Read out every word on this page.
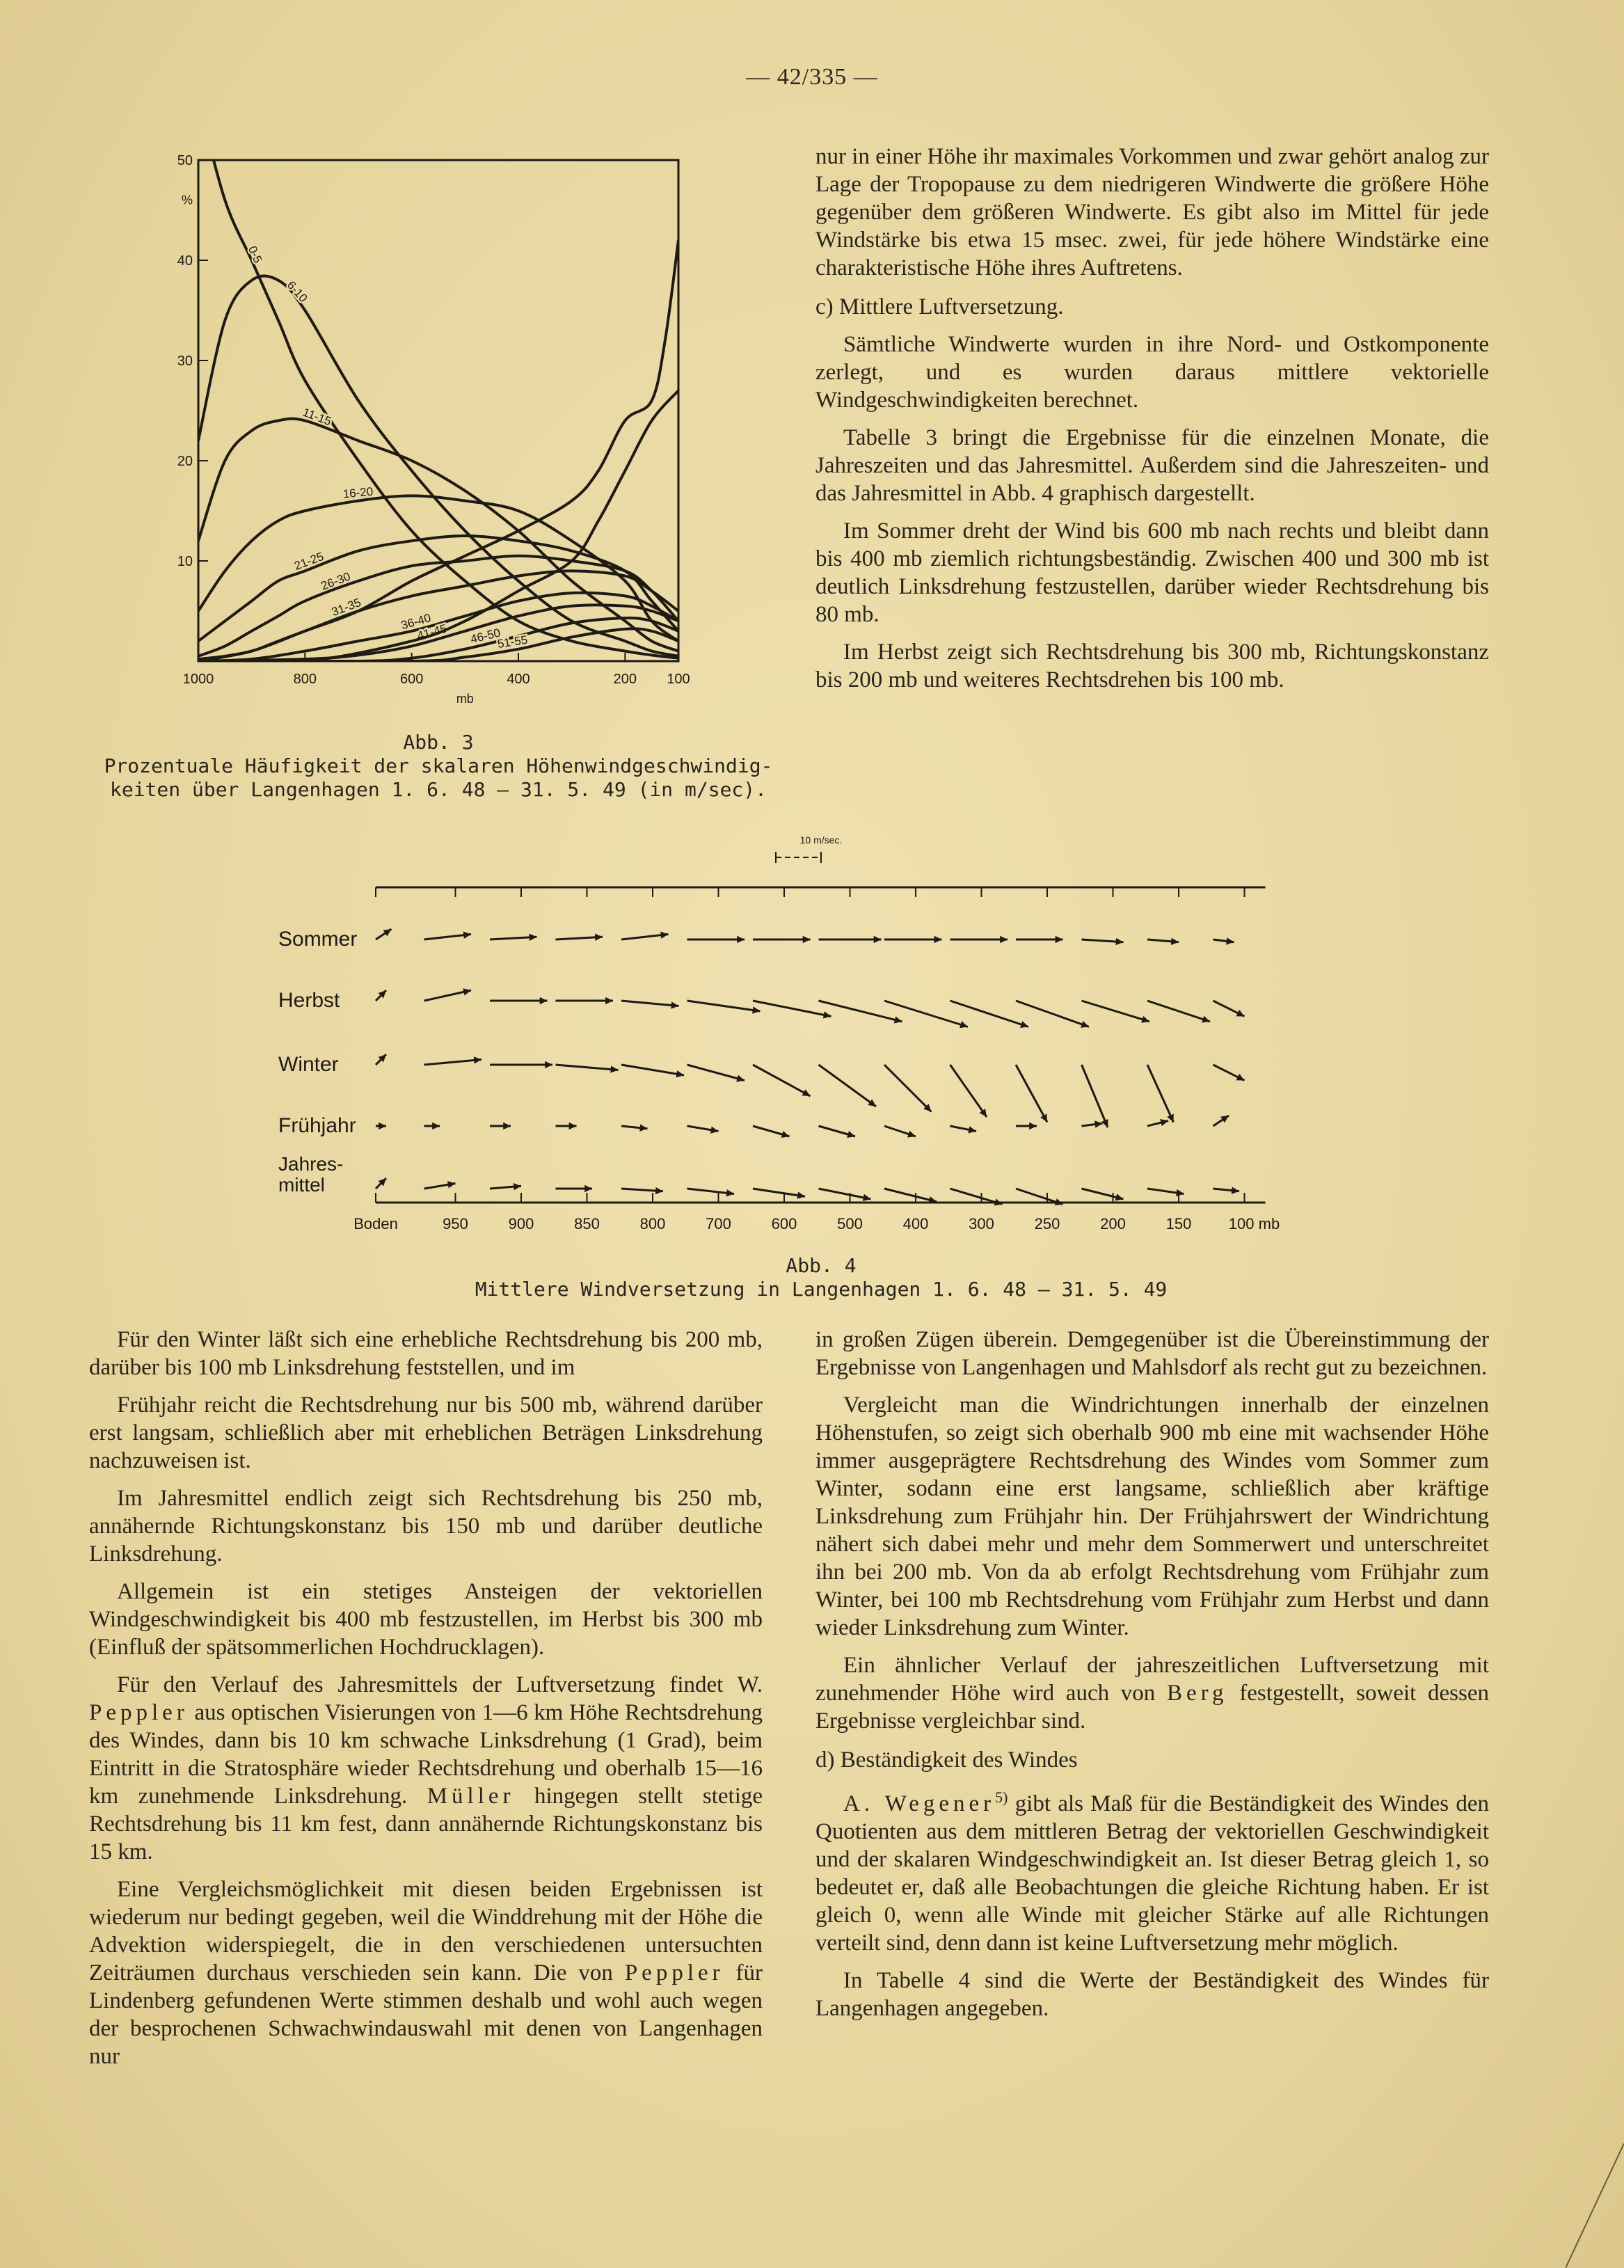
— 42/335 —
50
40
30
20
10
%
1000	800	600	400	200 100
mb
0-5
6-10
11-15
16-20
21-25
26-30
31-35
36-40
41-45 46-50
51-55
Abb. 3
Prozentuale Häufigkeit der skalaren Höhenwindgeschwindig-
keiten über Langenhagen 1. 6. 48 — 31. 5. 49 (in m/sec).

nur in einer Höhe ihr maximales Vorkommen und zwar gehört analog zur Lage der Tropopause zu dem niedrigeren Windwerte die größere Höhe gegenüber dem größeren Windwerte. Es gibt also im Mittel für jede Windstärke bis etwa 15 msec. zwei, für jede höhere Windstärke eine charakteristische Höhe ihres Auftretens.

c) Mittlere Luftversetzung.

Sämtliche Windwerte wurden in ihre Nord- und Ostkomponente zerlegt, und es wurden daraus mittlere vektorielle Windgeschwindigkeiten berechnet.

Tabelle 3 bringt die Ergebnisse für die einzelnen Monate, die Jahreszeiten und das Jahresmittel. Außerdem sind die Jahreszeiten- und das Jahresmittel in Abb. 4 graphisch dargestellt.

Im Sommer dreht der Wind bis 600 mb nach rechts und bleibt dann bis 400 mb ziemlich richtungsbeständig. Zwischen 400 und 300 mb ist deutlich Linksdrehung festzustellen, darüber wieder Rechtsdrehung bis 80 mb.

Im Herbst zeigt sich Rechtsdrehung bis 300 mb, Richtungskonstanz bis 200 mb und weiteres Rechtsdrehen bis 100 mb.

10 m/sec.
Boden	950	900	850	800	700	600	500	400	300	250	200	150 100 mb
Sommer
Herbst
Winter
Frühjahr
Jahres-
mittel
Abb. 4
Mittlere Windversetzung in Langenhagen 1. 6. 48 — 31. 5. 49

Für den Winter läßt sich eine erhebliche Rechtsdrehung bis 200 mb, darüber bis 100 mb Linksdrehung feststellen, und im

Frühjahr reicht die Rechtsdrehung nur bis 500 mb, während darüber erst langsam, schließlich aber mit erheblichen Beträgen Linksdrehung nachzuweisen ist.

Im Jahresmittel endlich zeigt sich Rechtsdrehung bis 250 mb, annähernde Richtungskonstanz bis 150 mb und darüber deutliche Linksdrehung.

Allgemein ist ein stetiges Ansteigen der vektoriellen Windgeschwindigkeit bis 400 mb festzustellen, im Herbst bis 300 mb (Einfluß der spätsommerlichen Hochdrucklagen).

Für den Verlauf des Jahresmittels der Luftversetzung findet W. Peppler aus optischen Visierungen von 1—6 km Höhe Rechtsdrehung des Windes, dann bis 10 km schwache Linksdrehung (1 Grad), beim Eintritt in die Stratosphäre wieder Rechtsdrehung und oberhalb 15—16 km zunehmende Linksdrehung. Müller hingegen stellt stetige Rechtsdrehung bis 11 km fest, dann annähernde Richtungskonstanz bis 15 km.

Eine Vergleichsmöglichkeit mit diesen beiden Ergebnissen ist wiederum nur bedingt gegeben, weil die Winddrehung mit der Höhe die Advektion widerspiegelt, die in den verschiedenen untersuchten Zeiträumen durchaus verschieden sein kann. Die von Peppler für Lindenberg gefundenen Werte stimmen deshalb und wohl auch wegen der besprochenen Schwachwindauswahl mit denen von Langenhagen nur

in großen Zügen überein. Demgegenüber ist die Übereinstimmung der Ergebnisse von Langenhagen und Mahlsdorf als recht gut zu bezeichnen.

Vergleicht man die Windrichtungen innerhalb der einzelnen Höhenstufen, so zeigt sich oberhalb 900 mb eine mit wachsender Höhe immer ausgeprägtere Rechtsdrehung des Windes vom Sommer zum Winter, sodann eine erst langsame, schließlich aber kräftige Linksdrehung zum Frühjahr hin. Der Frühjahrswert der Windrichtung nähert sich dabei mehr und mehr dem Sommerwert und unterschreitet ihn bei 200 mb. Von da ab erfolgt Rechtsdrehung vom Frühjahr zum Winter, bei 100 mb Rechtsdrehung vom Frühjahr zum Herbst und dann wieder Linksdrehung zum Winter.

Ein ähnlicher Verlauf der jahreszeitlichen Luftversetzung mit zunehmender Höhe wird auch von Berg festgestellt, soweit dessen Ergebnisse vergleichbar sind.

d) Beständigkeit des Windes

A. Wegener$^{5)}$ gibt als Maß für die Beständigkeit des Windes den Quotienten aus dem mittleren Betrag der vektoriellen Geschwindigkeit und der skalaren Windgeschwindigkeit an. Ist dieser Betrag gleich 1, so bedeutet er, daß alle Beobachtungen die gleiche Richtung haben. Er ist gleich 0, wenn alle Winde mit gleicher Stärke auf alle Richtungen verteilt sind, denn dann ist keine Luftversetzung mehr möglich.

In Tabelle 4 sind die Werte der Beständigkeit des Windes für Langenhagen angegeben.
